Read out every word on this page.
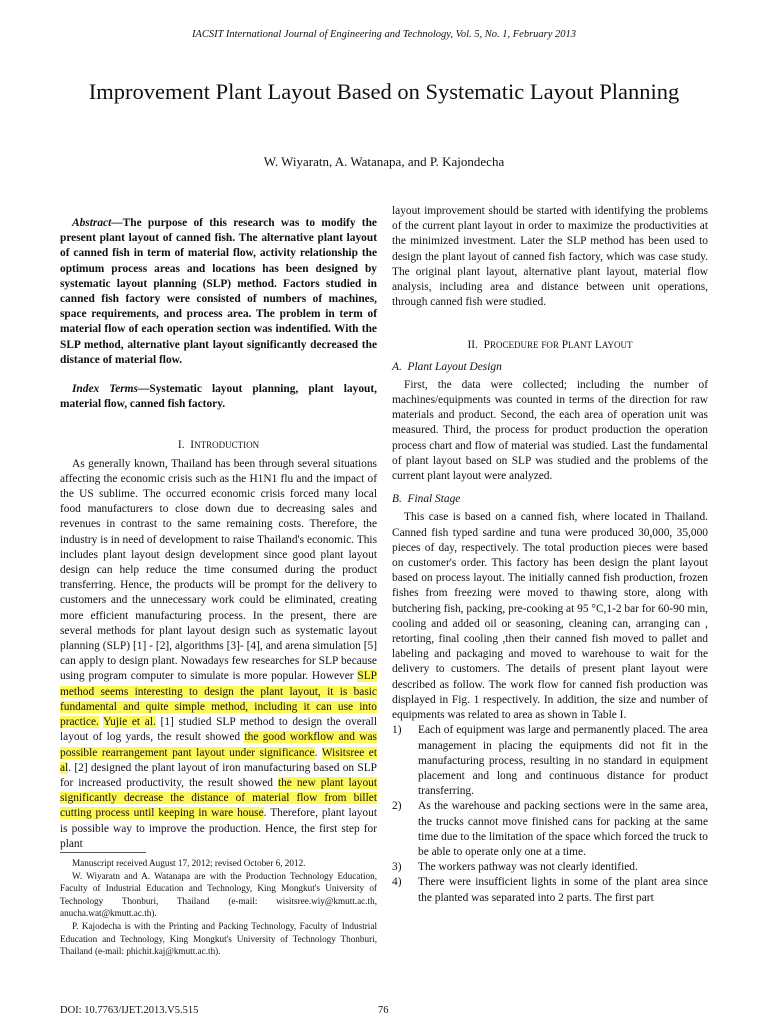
IACSIT International Journal of Engineering and Technology, Vol. 5, No. 1, February 2013
Improvement Plant Layout Based on Systematic Layout Planning
W. Wiyaratn, A. Watanapa, and P. Kajondecha

Abstract—The purpose of this research was to modify the present plant layout of canned fish. The alternative plant layout of canned fish in term of material flow, activity relationship the optimum process areas and locations has been designed by systematic layout planning (SLP) method. Factors studied in canned fish factory were consisted of numbers of machines, space requirements, and process area. The problem in term of material flow of each operation section was indentified. With the SLP method, alternative plant layout significantly decreased the distance of material flow.

Index Terms—Systematic layout planning, plant layout, material flow, canned fish factory.

I. INTRODUCTION

As generally known, Thailand has been through several situations affecting the economic crisis such as the H1N1 flu and the impact of the US sublime. The occurred economic crisis forced many local food manufacturers to close down due to decreasing sales and revenues in contrast to the same remaining costs. Therefore, the industry is in need of development to raise Thailand's economic. This includes plant layout design development since good plant layout design can help reduce the time consumed during the product transferring. Hence, the products will be prompt for the delivery to customers and the unnecessary work could be eliminated, creating more efficient manufacturing process. In the present, there are several methods for plant layout design such as systematic layout planning (SLP) [1] - [2], algorithms [3]- [4], and arena simulation [5] can apply to design plant. Nowadays few researches for SLP because using program computer to simulate is more popular. However SLP method seems interesting to design the plant layout, it is basic fundamental and quite simple method, including it can use into practice. Yujie et al. [1] studied SLP method to design the overall layout of log yards, the result showed the good workflow and was possible rearrangement pant layout under significance. Wisitsree et al. [2] designed the plant layout of iron manufacturing based on SLP for increased productivity, the result showed the new plant layout significantly decrease the distance of material flow from billet cutting process until keeping in ware house. Therefore, plant layout is possible way to improve the production. Hence, the first step for plant

Manuscript received August 17, 2012; revised October 6, 2012.

W. Wiyaratn and A. Watanapa are with the Production Technology Education, Faculty of Industrial Education and Technology, King Mongkut's University of Technology Thonburi, Thailand (e-mail: wisitsree.wiy@kmutt.ac.th, anucha.wat@kmutt.ac.th).

P. Kajodecha is with the Printing and Packing Technology, Faculty of Industrial Education and Technology, King Mongkut's University of Technology Thonburi, Thailand (e-mail: phichit.kaj@kmutt.ac.th).

layout improvement should be started with identifying the problems of the current plant layout in order to maximize the productivities at the minimized investment. Later the SLP method has been used to design the plant layout of canned fish factory, which was case study. The original plant layout, alternative plant layout, material flow analysis, including area and distance between unit operations, through canned fish were studied.

II. PROCEDURE FOR PLANT LAYOUT

A. Plant Layout Design

First, the data were collected; including the number of machines/equipments was counted in terms of the direction for raw materials and product. Second, the each area of operation unit was measured. Third, the process for product production the operation process chart and flow of material was studied. Last the fundamental of plant layout based on SLP was studied and the problems of the current plant layout were analyzed.

B. Final Stage

This case is based on a canned fish, where located in Thailand. Canned fish typed sardine and tuna were produced 30,000, 35,000 pieces of day, respectively. The total production pieces were based on customer's order. This factory has been design the plant layout based on process layout. The initially canned fish production, frozen fishes from freezing were moved to thawing store, along with butchering fish, packing, pre-cooking at 95 °C,1-2 bar for 60-90 min, cooling and added oil or seasoning, cleaning can, arranging can , retorting, final cooling ,then their canned fish moved to pallet and labeling and packaging and moved to warehouse to wait for the delivery to customers. The details of present plant layout were described as follow. The work flow for canned fish production was displayed in Fig. 1 respectively. In addition, the size and number of equipments was related to area as shown in Table I.

1) Each of equipment was large and permanently placed. The area management in placing the equipments did not fit in the manufacturing process, resulting in no standard in equipment placement and long and continuous distance for product transferring.
2) As the warehouse and packing sections were in the same area, the trucks cannot move finished cans for packing at the same time due to the limitation of the space which forced the truck to be able to operate only one at a time.
3) The workers pathway was not clearly identified.
4) There were insufficient lights in some of the plant area since the planted was separated into 2 parts. The first part
DOI: 10.7763/IJET.2013.V5.515	76
